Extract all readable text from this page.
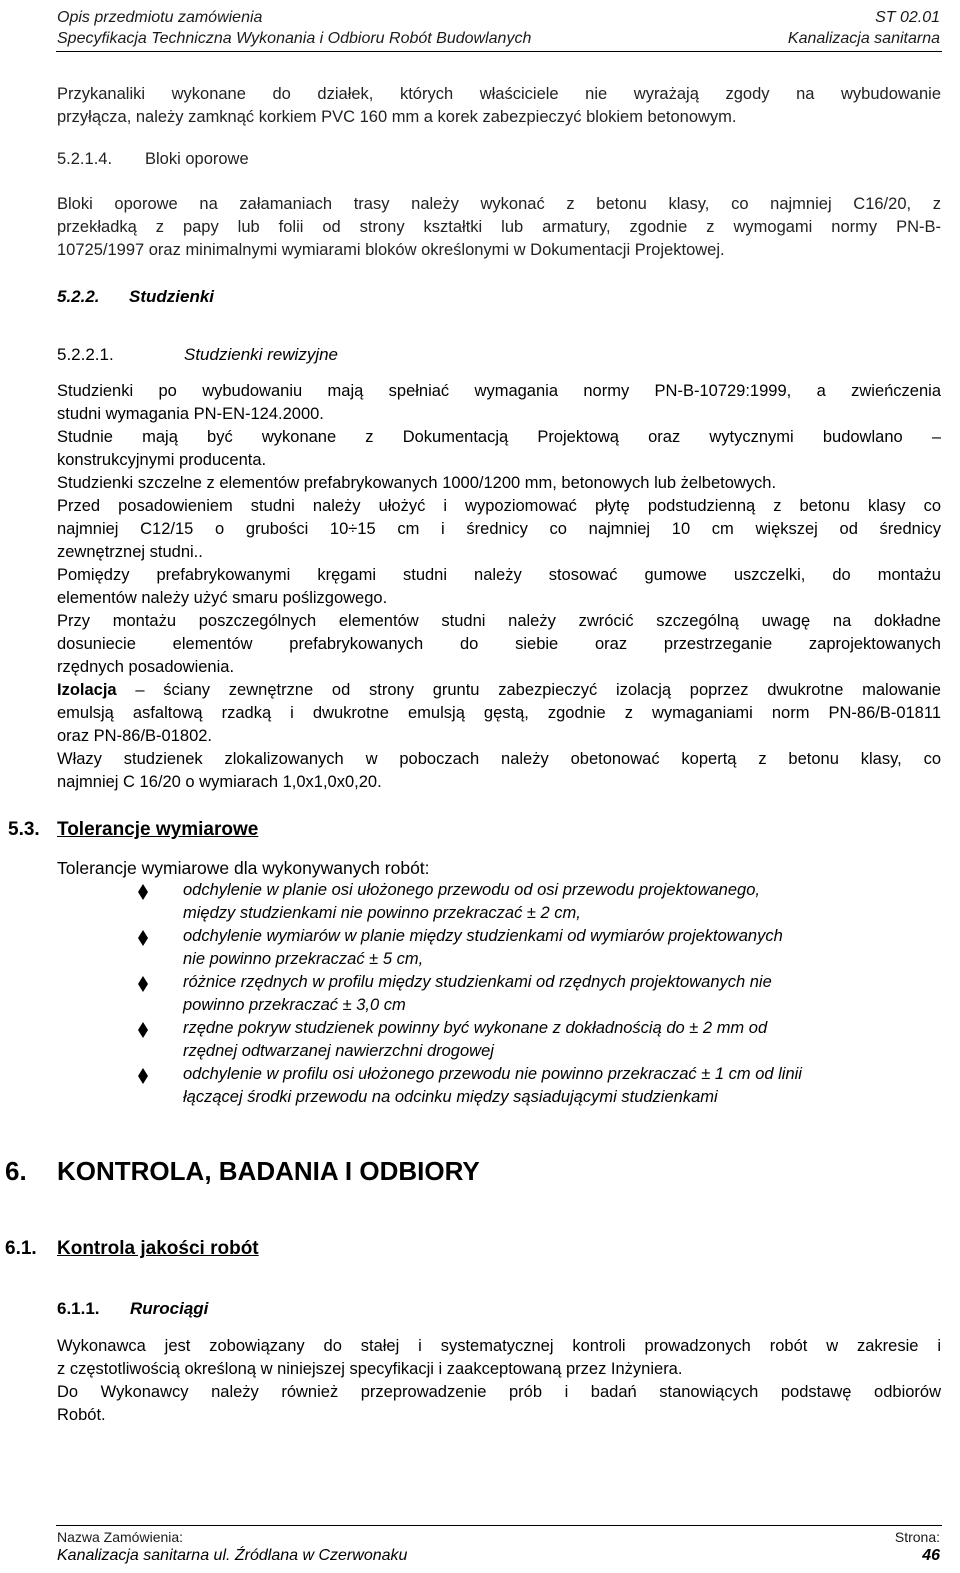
Opis przedmiotu zamówienia
Specyfikacja Techniczna Wykonania i Odbioru Robót Budowlanych
ST 02.01
Kanalizacja sanitarna
Przykanaliki wykonane do działek, których właściciele nie wyrażają zgody na wybudowanie
przyłącza, należy zamknąć korkiem PVC 160 mm a korek zabezpieczyć blokiem betonowym.
5.2.1.4. Bloki oporowe
Bloki oporowe na załamaniach trasy należy wykonać z betonu klasy, co najmniej C16/20, z
przekładką z papy lub folii od strony kształtki lub armatury, zgodnie z wymogami normy PN-B-
10725/1997 oraz minimalnymi wymiarami bloków określonymi w Dokumentacji Projektowej.
5.2.2. Studzienki
5.2.2.1.	Studzienki rewizyjne
Studzienki po wybudowaniu mają spełniać wymagania normy PN-B-10729:1999, a zwieńczenia
studni wymagania PN-EN-124.2000.
Studnie mają być wykonane z Dokumentacją Projektową oraz wytycznymi budowlano –
konstrukcyjnymi producenta.
Studzienki szczelne z elementów prefabrykowanych 1000/1200 mm, betonowych lub żelbetowych.
Przed posadowieniem studni należy ułożyć i wypoziomować płytę podstudzienną z betonu klasy co
najmniej C12/15 o grubości 10÷15 cm i średnicy co najmniej 10 cm większej od średnicy
zewnętrznej studni..
Pomiędzy prefabrykowanymi kręgami studni należy stosować gumowe uszczelki, do montażu
elementów należy użyć smaru poślizgowego.
Przy montażu poszczególnych elementów studni należy zwrócić szczególną uwagę na dokładne
dosuniecie elementów prefabrykowanych do siebie oraz przestrzeganie zaprojektowanych
rzędnych posadowienia.
Izolacja – ściany zewnętrzne od strony gruntu zabezpieczyć izolacją poprzez dwukrotne malowanie
emulsją asfaltową rzadką i dwukrotne emulsją gęstą, zgodnie z wymaganiami norm PN-86/B-01811
oraz PN-86/B-01802.
Włazy studzienek zlokalizowanych w poboczach należy obetonować kopertą z betonu klasy, co
najmniej C 16/20 o wymiarach 1,0x1,0x0,20.
5.3. Tolerancje wymiarowe
Tolerancje wymiarowe dla wykonywanych robót:
odchylenie w planie osi ułożonego przewodu od osi przewodu projektowanego,
między studzienkami nie powinno przekraczać ± 2 cm,
odchylenie wymiarów w planie między studzienkami od wymiarów projektowanych
nie powinno przekraczać ± 5 cm,
różnice rzędnych w profilu między studzienkami od rzędnych projektowanych nie
powinno przekraczać ± 3,0 cm
rzędne pokryw studzienek powinny być wykonane z dokładnością do ± 2 mm od
rzędnej odtwarzanej nawierzchni drogowej
odchylenie w profilu osi ułożonego przewodu nie powinno przekraczać ± 1 cm od linii
łączącej środki przewodu na odcinku między sąsiadującymi studzienkami
6. KONTROLA, BADANIA I ODBIORY
6.1. Kontrola jakości robót
6.1.1. Rurociągi
Wykonawca jest zobowiązany do stałej i systematycznej kontroli prowadzonych robót w zakresie i
z częstotliwością określoną w niniejszej specyfikacji i zaakceptowaną przez Inżyniera.
Do Wykonawcy należy również przeprowadzenie prób i badań stanowiących podstawę odbiorów
Robót.
Nazwa Zamówienia:
Kanalizacja sanitarna ul. Źródlana w Czerwonaku
Strona:
46
